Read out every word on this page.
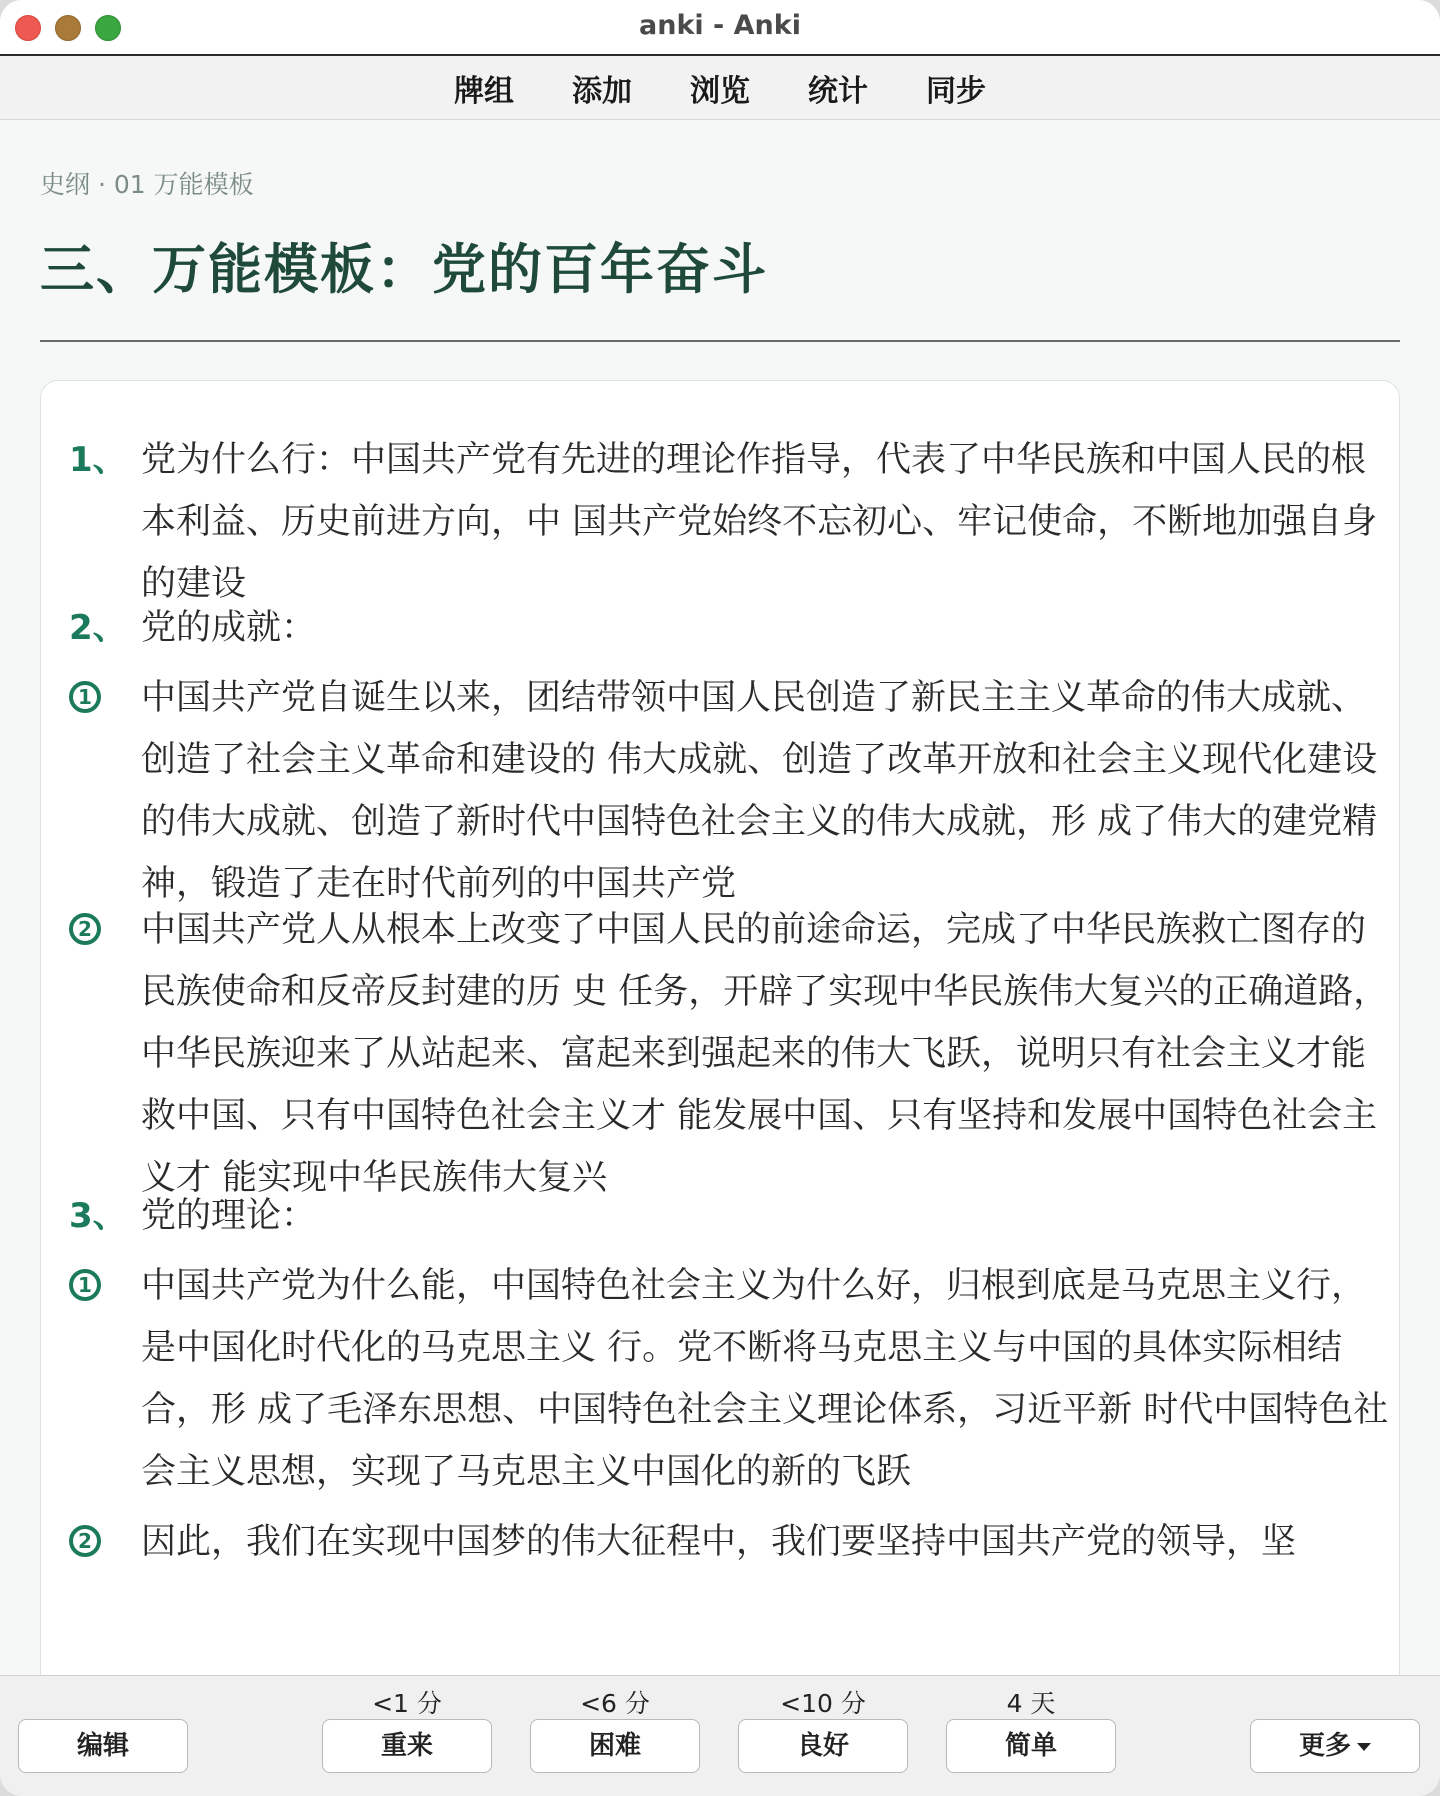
anki - Anki
牌组	添加	浏览	统计	同步
史纲 · 01 万能模板
三、万能模板：党的百年奋斗
1、 党为什么行：中国共产党有先进的理论作指导，代表了中华民族和中国人民的根本利益、历史前进方向，中 国共产党始终不忘初心、牢记使命，不断地加强自身的建设
2、 党的成就：
1	中国共产党自诞生以来，团结带领中国人民创造了新民主主义革命的伟大成就、创造了社会主义革命和建设的 伟大成就、创造了改革开放和社会主义现代化建设的伟大成就、创造了新时代中国特色社会主义的伟大成就，形 成了伟大的建党精神，锻造了走在时代前列的中国共产党
2	中国共产党人从根本上改变了中国人民的前途命运，完成了中华民族救亡图存的民族使命和反帝反封建的历 史 任务，开辟了实现中华民族伟大复兴的正确道路，中华民族迎来了从站起来、富起来到强起来的伟大飞跃，说明只有社会主义才能救中国、只有中国特色社会主义才 能发展中国、只有坚持和发展中国特色社会主义才 能实现中华民族伟大复兴
3、 党的理论：
1	中国共产党为什么能，中国特色社会主义为什么好，归根到底是马克思主义行，是中国化时代化的马克思主义 行。党不断将马克思主义与中国的具体实际相结合，形 成了毛泽东思想、中国特色社会主义理论体系，习近平新 时代中国特色社会主义思想，实现了马克思主义中国化的新的飞跃
2	因此，我们在实现中国梦的伟大征程中，我们要坚持中国共产党的领导，坚
编辑
<1 分
重来
<6 分
困难
<10 分
良好
4 天
简单	更多
